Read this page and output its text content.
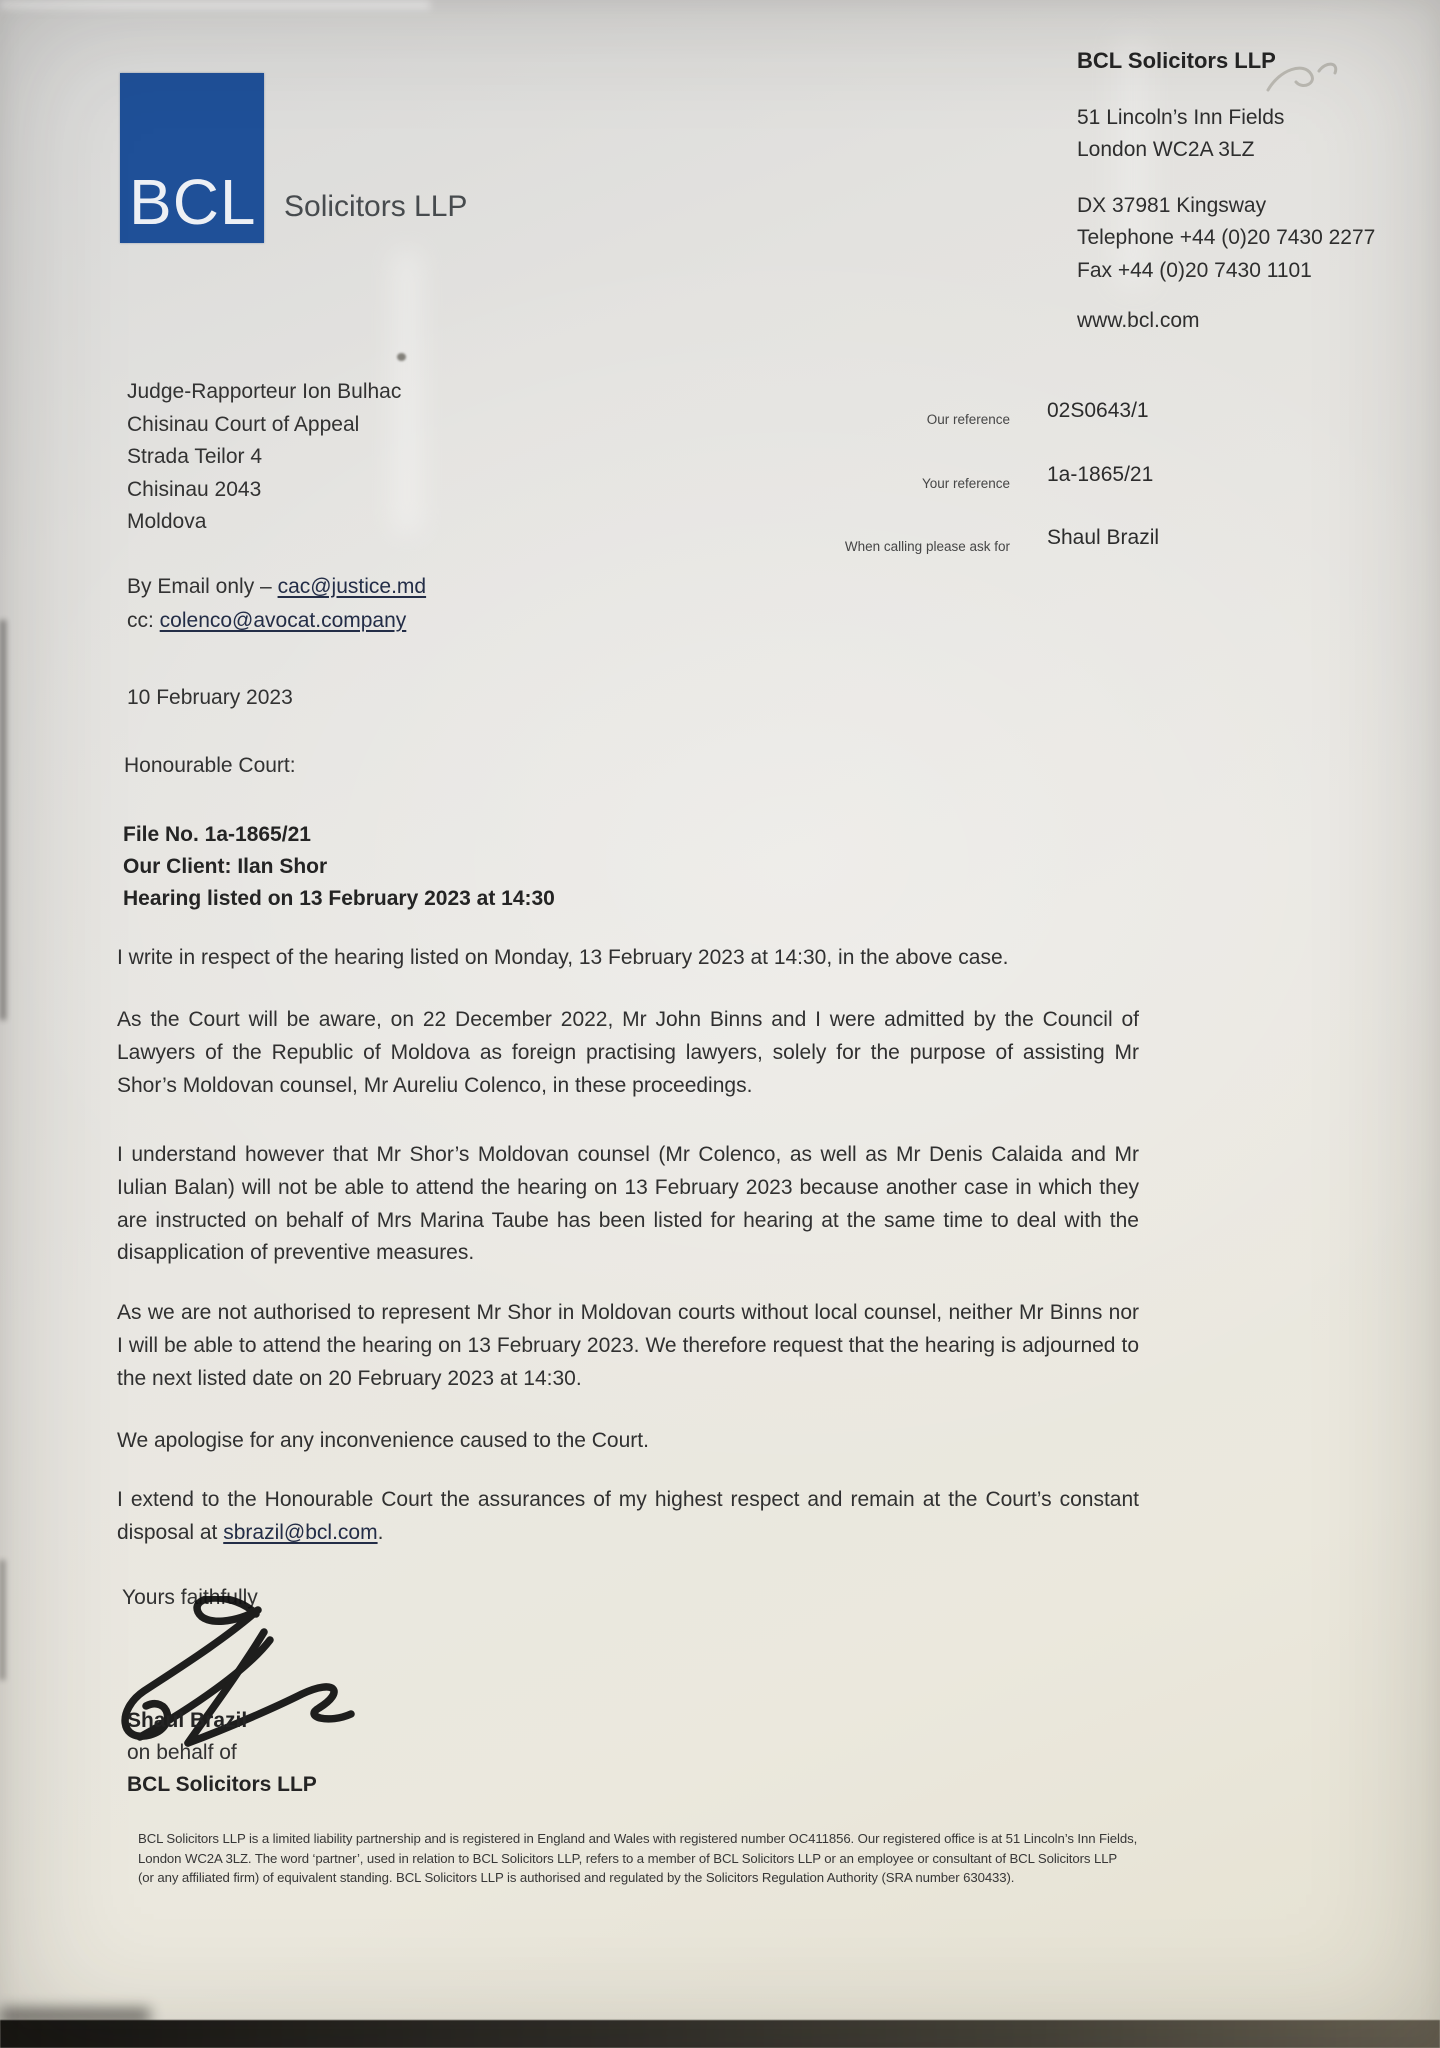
BCL Solicitors LLP
BCL Solicitors LLP
51 Lincoln’s Inn Fields
London WC2A 3LZ
DX 37981 Kingsway
Telephone +44 (0)20 7430 2277
Fax +44 (0)20 7430 1101
www.bcl.com
Judge-Rapporteur Ion Bulhac
Chisinau Court of Appeal
Strada Teilor 4
Chisinau 2043
Moldova
Our reference 02S0643/1
Your reference 1a-1865/21
When calling please ask for Shaul Brazil
By Email only – cac@justice.md
cc: colenco@avocat.company
10 February 2023
Honourable Court:
File No. 1a-1865/21
Our Client: Ilan Shor
Hearing listed on 13 February 2023 at 14:30
I write in respect of the hearing listed on Monday, 13 February 2023 at 14:30, in the above case.
As the Court will be aware, on 22 December 2022, Mr John Binns and I were admitted by the Council of Lawyers of the Republic of Moldova as foreign practising lawyers, solely for the purpose of assisting Mr Shor’s Moldovan counsel, Mr Aureliu Colenco, in these proceedings.
I understand however that Mr Shor’s Moldovan counsel (Mr Colenco, as well as Mr Denis Calaida and Mr Iulian Balan) will not be able to attend the hearing on 13 February 2023 because another case in which they are instructed on behalf of Mrs Marina Taube has been listed for hearing at the same time to deal with the disapplication of preventive measures.
As we are not authorised to represent Mr Shor in Moldovan courts without local counsel, neither Mr Binns nor I will be able to attend the hearing on 13 February 2023. We therefore request that the hearing is adjourned to the next listed date on 20 February 2023 at 14:30.
We apologise for any inconvenience caused to the Court.
I extend to the Honourable Court the assurances of my highest respect and remain at the Court’s constant disposal at sbrazil@bcl.com.
Yours faithfully
Shaul Brazil
on behalf of
BCL Solicitors LLP
BCL Solicitors LLP is a limited liability partnership and is registered in England and Wales with registered number OC411856. Our registered office is at 51 Lincoln’s Inn Fields,
London WC2A 3LZ. The word ‘partner’, used in relation to BCL Solicitors LLP, refers to a member of BCL Solicitors LLP or an employee or consultant of BCL Solicitors LLP
(or any affiliated firm) of equivalent standing. BCL Solicitors LLP is authorised and regulated by the Solicitors Regulation Authority (SRA number 630433).
